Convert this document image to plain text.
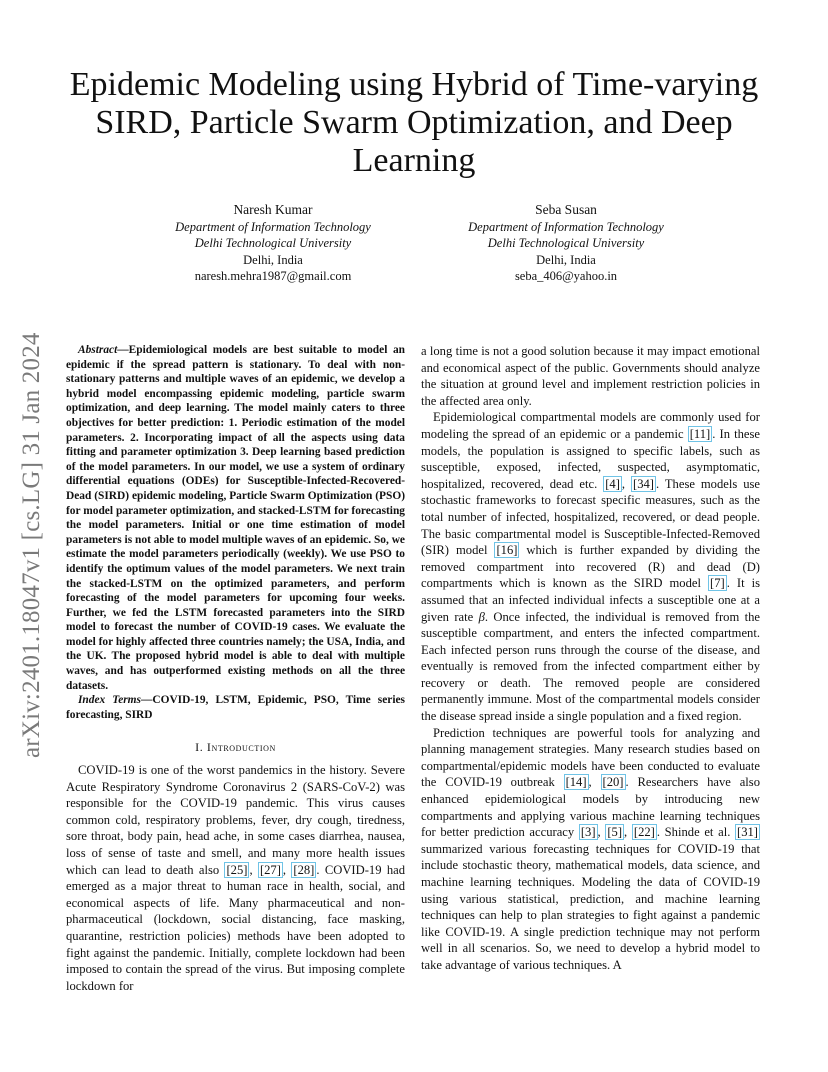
arXiv:2401.18047v1 [cs.LG] 31 Jan 2024
Epidemic Modeling using Hybrid of Time-varying SIRD, Particle Swarm Optimization, and Deep Learning
Naresh Kumar
Department of Information Technology
Delhi Technological University
Delhi, India
naresh.mehra1987@gmail.com
Seba Susan
Department of Information Technology
Delhi Technological University
Delhi, India
seba_406@yahoo.in

Abstract—Epidemiological models are best suitable to model an epidemic if the spread pattern is stationary. To deal with non-stationary patterns and multiple waves of an epidemic, we develop a hybrid model encompassing epidemic modeling, particle swarm optimization, and deep learning. The model mainly caters to three objectives for better prediction: 1. Periodic estimation of the model parameters. 2. Incorporating impact of all the aspects using data fitting and parameter optimization 3. Deep learning based prediction of the model parameters. In our model, we use a system of ordinary differential equations (ODEs) for Susceptible-Infected-Recovered-Dead (SIRD) epidemic modeling, Particle Swarm Optimization (PSO) for model parameter optimization, and stacked-LSTM for forecasting the model parameters. Initial or one time estimation of model parameters is not able to model multiple waves of an epidemic. So, we estimate the model parameters periodically (weekly). We use PSO to identify the optimum values of the model parameters. We next train the stacked-LSTM on the optimized parameters, and perform forecasting of the model parameters for upcoming four weeks. Further, we fed the LSTM forecasted parameters into the SIRD model to forecast the number of COVID-19 cases. We evaluate the model for highly affected three countries namely; the USA, India, and the UK. The proposed hybrid model is able to deal with multiple waves, and has outperformed existing methods on all the three datasets.

Index Terms—COVID-19, LSTM, Epidemic, PSO, Time series forecasting, SIRD

I. Introduction

COVID-19 is one of the worst pandemics in the history. Severe Acute Respiratory Syndrome Coronavirus 2 (SARS-CoV-2) was responsible for the COVID-19 pandemic. This virus causes common cold, respiratory problems, fever, dry cough, tiredness, sore throat, body pain, head ache, in some cases diarrhea, nausea, loss of sense of taste and smell, and many more health issues which can lead to death also [25] , [27] , [28] . COVID-19 had emerged as a major threat to human race in health, social, and economical aspects of life. Many pharmaceutical and non-pharmaceutical (lockdown, social distancing, face masking, quarantine, restriction policies) methods have been adopted to fight against the pandemic. Initially, complete lockdown had been imposed to contain the spread of the virus. But imposing complete lockdown for

a long time is not a good solution because it may impact emotional and economical aspect of the public. Governments should analyze the situation at ground level and implement restriction policies in the affected area only.

Epidemiological compartmental models are commonly used for modeling the spread of an epidemic or a pandemic [11] . In these models, the population is assigned to specific labels, such as susceptible, exposed, infected, suspected, asymptomatic, hospitalized, recovered, dead etc. [4] , [34] . These models use stochastic frameworks to forecast specific measures, such as the total number of infected, hospitalized, recovered, or dead people. The basic compartmental model is Susceptible-Infected-Removed (SIR) model [16] which is further expanded by dividing the removed compartment into recovered (R) and dead (D) compartments which is known as the SIRD model [7] . It is assumed that an infected individual infects a susceptible one at a given rate β. Once infected, the individual is removed from the susceptible compartment, and enters the infected compartment. Each infected person runs through the course of the disease, and eventually is removed from the infected compartment either by recovery or death. The removed people are considered permanently immune. Most of the compartmental models consider the disease spread inside a single population and a fixed region.

Prediction techniques are powerful tools for analyzing and planning management strategies. Many research studies based on compartmental/epidemic models have been conducted to evaluate the COVID-19 outbreak [14] , [20] . Researchers have also enhanced epidemiological models by introducing new compartments and applying various machine learning techniques for better prediction accuracy [3] , [5] , [22] . Shinde et al. [31] summarized various forecasting techniques for COVID-19 that include stochastic theory, mathematical models, data science, and machine learning techniques. Modeling the data of COVID-19 using various statistical, prediction, and machine learning techniques can help to plan strategies to fight against a pandemic like COVID-19. A single prediction technique may not perform well in all scenarios. So, we need to develop a hybrid model to take advantage of various techniques. A
